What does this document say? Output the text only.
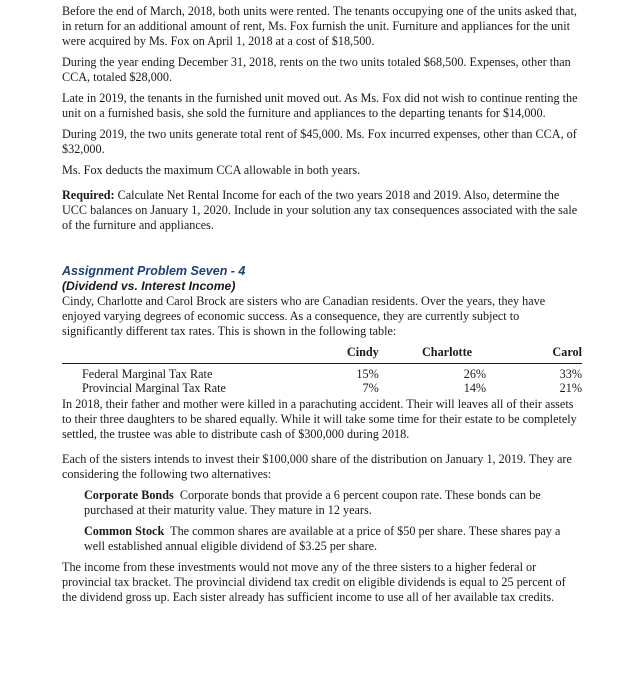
Before the end of March, 2018, both units were rented. The tenants occupying one of the units asked that, in return for an additional amount of rent, Ms. Fox furnish the unit. Furniture and appliances for the unit were acquired by Ms. Fox on April 1, 2018 at a cost of $18,500.

During the year ending December 31, 2018, rents on the two units totaled $68,500. Expenses, other than CCA, totaled $28,000.

Late in 2019, the tenants in the furnished unit moved out. As Ms. Fox did not wish to continue renting the unit on a furnished basis, she sold the furniture and appliances to the departing tenants for $14,000.

During 2019, the two units generate total rent of $45,000. Ms. Fox incurred expenses, other than CCA, of $32,000.

Ms. Fox deducts the maximum CCA allowable in both years.

Required: Calculate Net Rental Income for each of the two years 2018 and 2019. Also, determine the UCC balances on January 1, 2020. Include in your solution any tax consequences associated with the sale of the furniture and appliances.

Assignment Problem Seven - 4
(Dividend vs. Interest Income)

Cindy, Charlotte and Carol Brock are sisters who are Canadian residents. Over the years, they have enjoyed varying degrees of economic success. As a consequence, they are currently subject to significantly different tax rates. This is shown in the following table:

	Cindy	Charlotte	Carol
Federal Marginal Tax Rate	15%	26%	33%
Provincial Marginal Tax Rate	7%	14%	21%

In 2018, their father and mother were killed in a parachuting accident. Their will leaves all of their assets to their three daughters to be shared equally. While it will take some time for their estate to be completely settled, the trustee was able to distribute cash of $300,000 during 2018.

Each of the sisters intends to invest their $100,000 share of the distribution on January 1, 2019. They are considering the following two alternatives:

Corporate Bonds Corporate bonds that provide a 6 percent coupon rate. These bonds can be purchased at their maturity value. They mature in 12 years.

Common Stock The common shares are available at a price of $50 per share. These shares pay a well established annual eligible dividend of $3.25 per share.

The income from these investments would not move any of the three sisters to a higher federal or provincial tax bracket. The provincial dividend tax credit on eligible dividends is equal to 25 percent of the dividend gross up. Each sister already has sufficient income to use all of her available tax credits.
